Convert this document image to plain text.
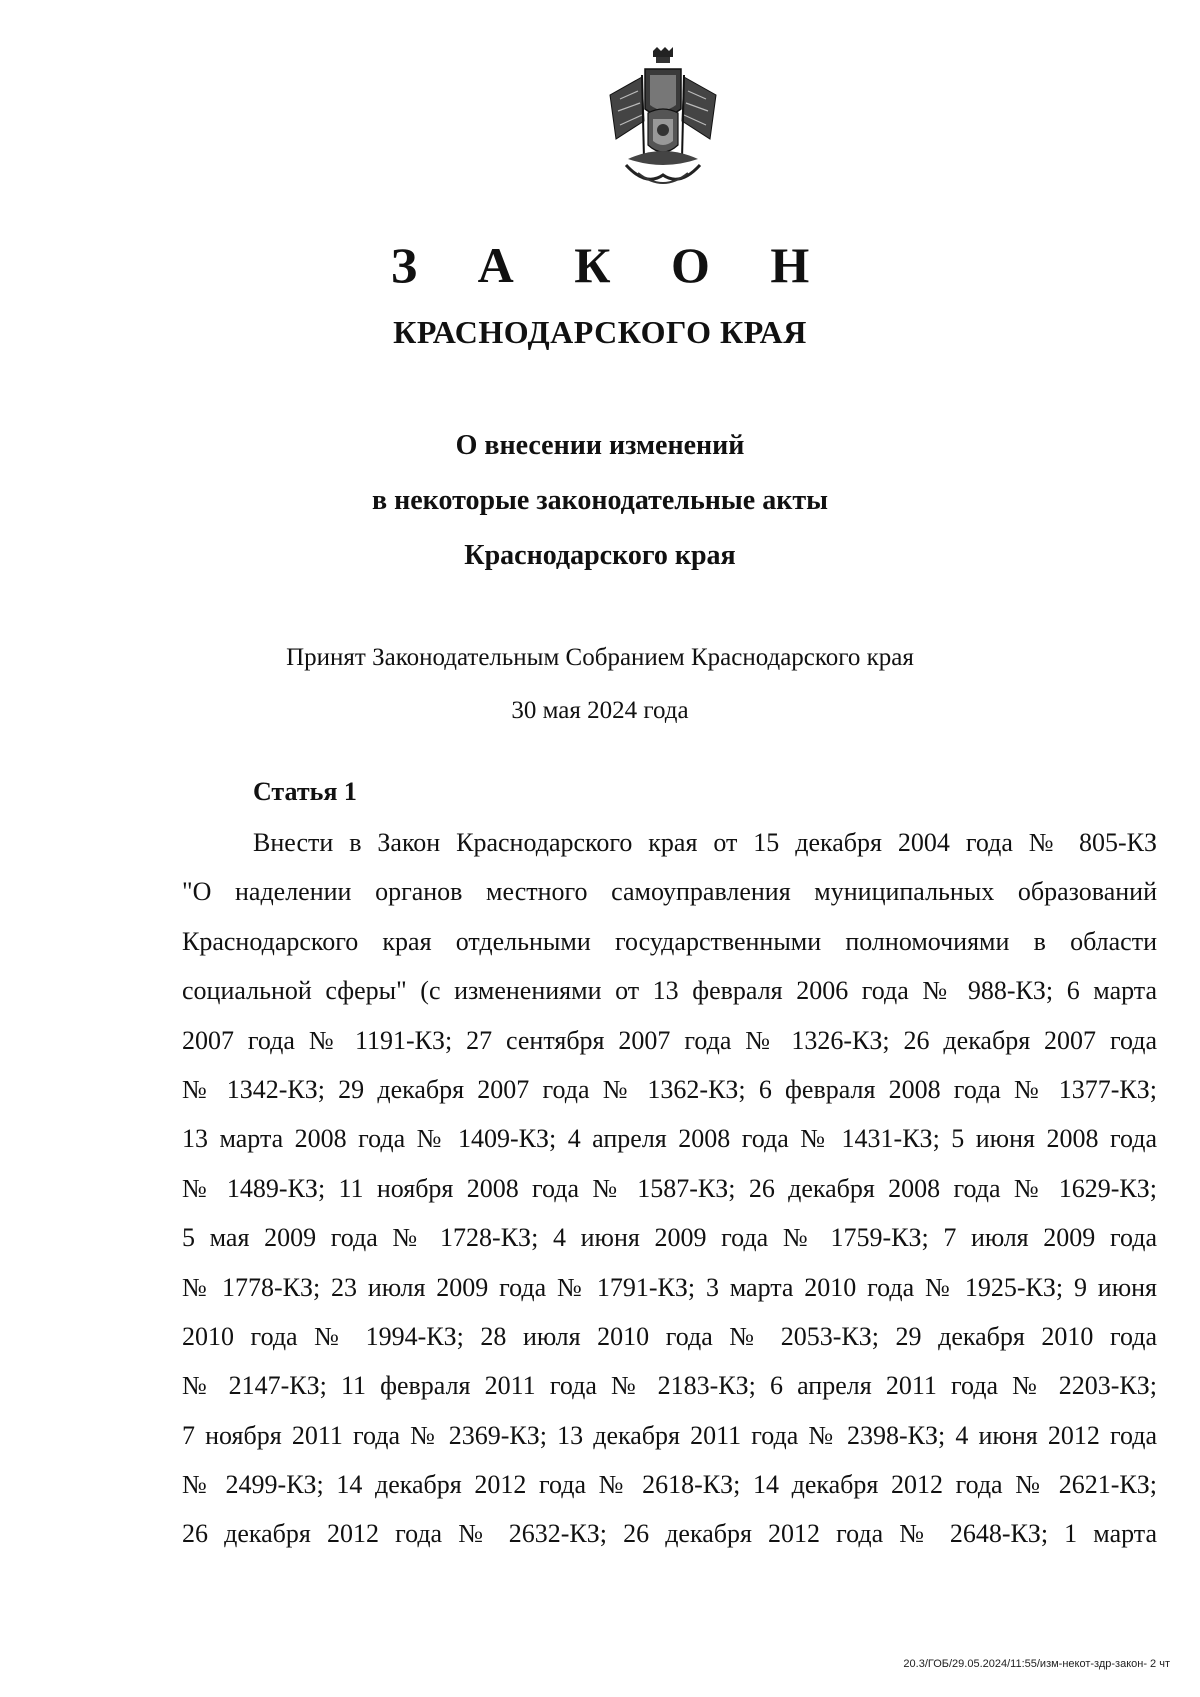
З А К О Н
КРАСНОДАРСКОГО КРАЯ
О внесении изменений
в некоторые законодательные акты
Краснодарского края
Принят Законодательным Собранием Краснодарского края
30 мая 2024 года
Статья 1
Внести в Закон Краснодарского края от 15 декабря 2004 года № 805-КЗ
"О наделении органов местного самоуправления муниципальных образований
Краснодарского края отдельными государственными полномочиями в области
социальной сферы" (с изменениями от 13 февраля 2006 года № 988-КЗ; 6 марта
2007 года № 1191-КЗ; 27 сентября 2007 года № 1326-КЗ; 26 декабря 2007 года
№ 1342-КЗ; 29 декабря 2007 года № 1362-КЗ; 6 февраля 2008 года № 1377-КЗ;
13 марта 2008 года № 1409-КЗ; 4 апреля 2008 года № 1431-КЗ; 5 июня 2008 года
№ 1489-КЗ; 11 ноября 2008 года № 1587-КЗ; 26 декабря 2008 года № 1629-КЗ;
5 мая 2009 года № 1728-КЗ; 4 июня 2009 года № 1759-КЗ; 7 июля 2009 года
№ 1778-КЗ; 23 июля 2009 года № 1791-КЗ; 3 марта 2010 года № 1925-КЗ; 9 июня
2010 года № 1994-КЗ; 28 июля 2010 года № 2053-КЗ; 29 декабря 2010 года
№ 2147-КЗ; 11 февраля 2011 года № 2183-КЗ; 6 апреля 2011 года № 2203-КЗ;
7 ноября 2011 года № 2369-КЗ; 13 декабря 2011 года № 2398-КЗ; 4 июня 2012 года
№ 2499-КЗ; 14 декабря 2012 года № 2618-КЗ; 14 декабря 2012 года № 2621-КЗ;
26 декабря 2012 года № 2632-КЗ; 26 декабря 2012 года № 2648-КЗ; 1 марта
20.3/ГОБ/29.05.2024/11:55/изм-некот-здр-закон- 2 чт
